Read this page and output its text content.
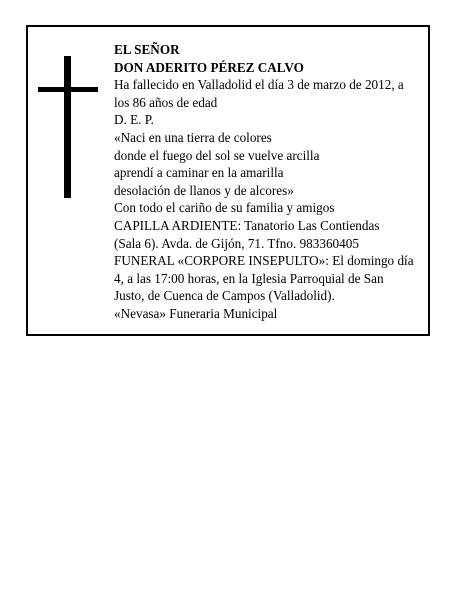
EL SEÑOR
DON ADERITO PÉREZ CALVO
Ha fallecido en Valladolid el día 3 de marzo de 2012, a
los 86 años de edad
D. E. P.
«Naci en una tierra de colores
donde el fuego del sol se vuelve arcilla
aprendí a caminar en la amarilla
desolación de llanos y de alcores»
Con todo el cariño de su familia y amigos
CAPILLA ARDIENTE: Tanatorio Las Contiendas
(Sala 6). Avda. de Gijón, 71. Tfno. 983360405
FUNERAL «CORPORE INSEPULTO»: El domingo día
4, a las 17:00 horas, en la Iglesia Parroquial de San
Justo, de Cuenca de Campos (Valladolid).
«Nevasa» Funeraria Municipal
